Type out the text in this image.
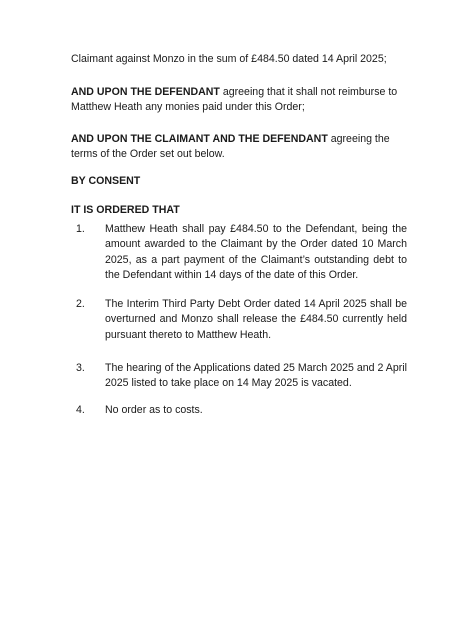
Claimant against Monzo in the sum of £484.50 dated 14 April 2025;

AND UPON THE DEFENDANT agreeing that it shall not reimburse to Matthew Heath any monies paid under this Order;

AND UPON THE CLAIMANT AND THE DEFENDANT agreeing the terms of the Order set out below.

BY CONSENT

IT IS ORDERED THAT

1. Matthew Heath shall pay £484.50 to the Defendant, being the amount awarded to the Claimant by the Order dated 10 March 2025, as a part payment of the Claimant’s outstanding debt to the Defendant within 14 days of the date of this Order.

2. The Interim Third Party Debt Order dated 14 April 2025 shall be overturned and Monzo shall release the £484.50 currently held pursuant thereto to Matthew Heath.

3. The hearing of the Applications dated 25 March 2025 and 2 April 2025 listed to take place on 14 May 2025 is vacated.

4. No order as to costs.
